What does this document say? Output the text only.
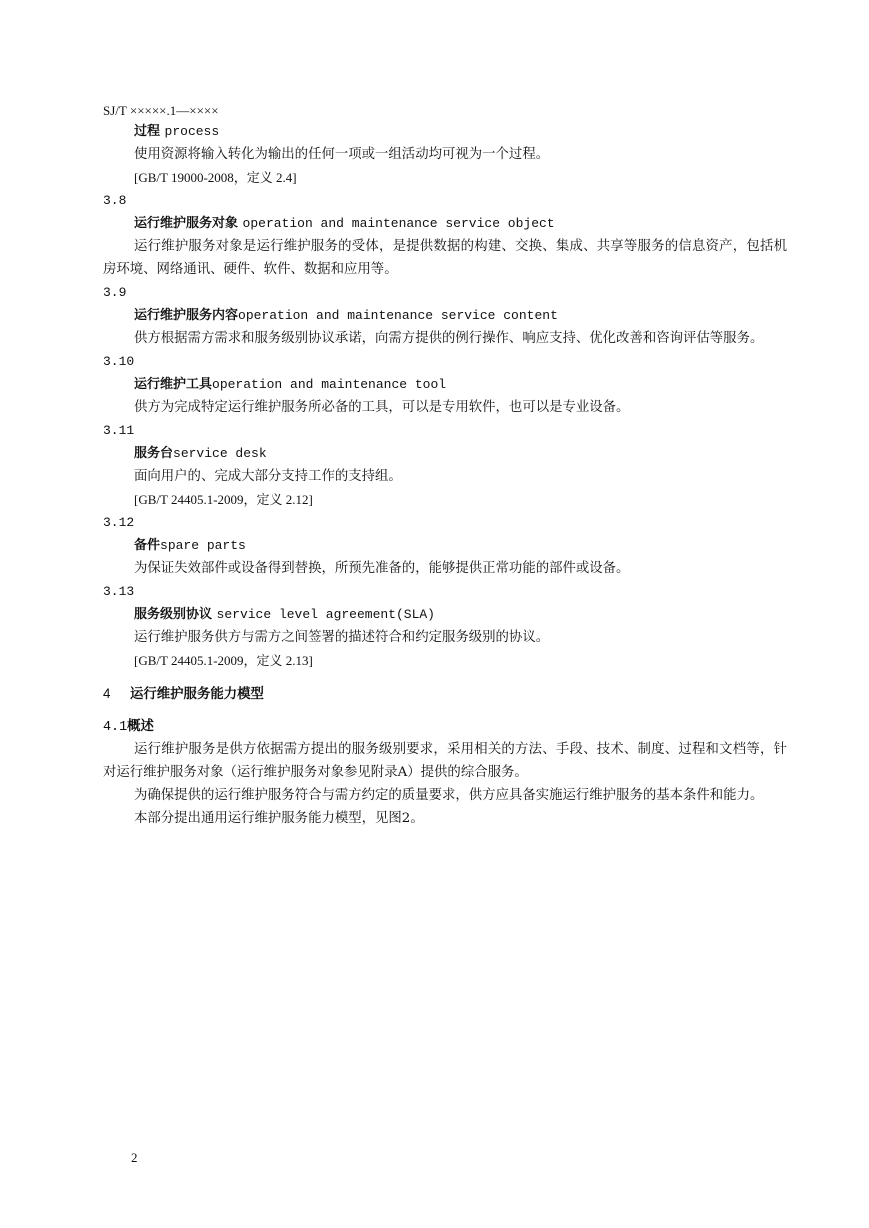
SJ/T ×××××.1—××××
过程 process
使用资源将输入转化为输出的任何一项或一组活动均可视为一个过程。
[GB/T 19000-2008，定义 2.4]
3.8
运行维护服务对象 operation and maintenance service object
运行维护服务对象是运行维护服务的受体，是提供数据的构建、交换、集成、共享等服务的信息资产，包括机房环境、网络通讯、硬件、软件、数据和应用等。
3.9
运行维护服务内容operation and maintenance service content
供方根据需方需求和服务级别协议承诺，向需方提供的例行操作、响应支持、优化改善和咨询评估等服务。
3.10
运行维护工具operation and maintenance tool
供方为完成特定运行维护服务所必备的工具，可以是专用软件，也可以是专业设备。
3.11
服务台service desk
面向用户的、完成大部分支持工作的支持组。
[GB/T 24405.1-2009，定义 2.12]
3.12
备件spare parts
为保证失效部件或设备得到替换，所预先准备的，能够提供正常功能的部件或设备。
3.13
服务级别协议 service level agreement(SLA)
运行维护服务供方与需方之间签署的描述符合和约定服务级别的协议。
[GB/T 24405.1-2009，定义 2.13]
4 运行维护服务能力模型
4.1概述
运行维护服务是供方依据需方提出的服务级别要求，采用相关的方法、手段、技术、制度、过程和文档等，针对运行维护服务对象（运行维护服务对象参见附录A）提供的综合服务。
为确保提供的运行维护服务符合与需方约定的质量要求，供方应具备实施运行维护服务的基本条件和能力。
本部分提出通用运行维护服务能力模型，见图2。
2
